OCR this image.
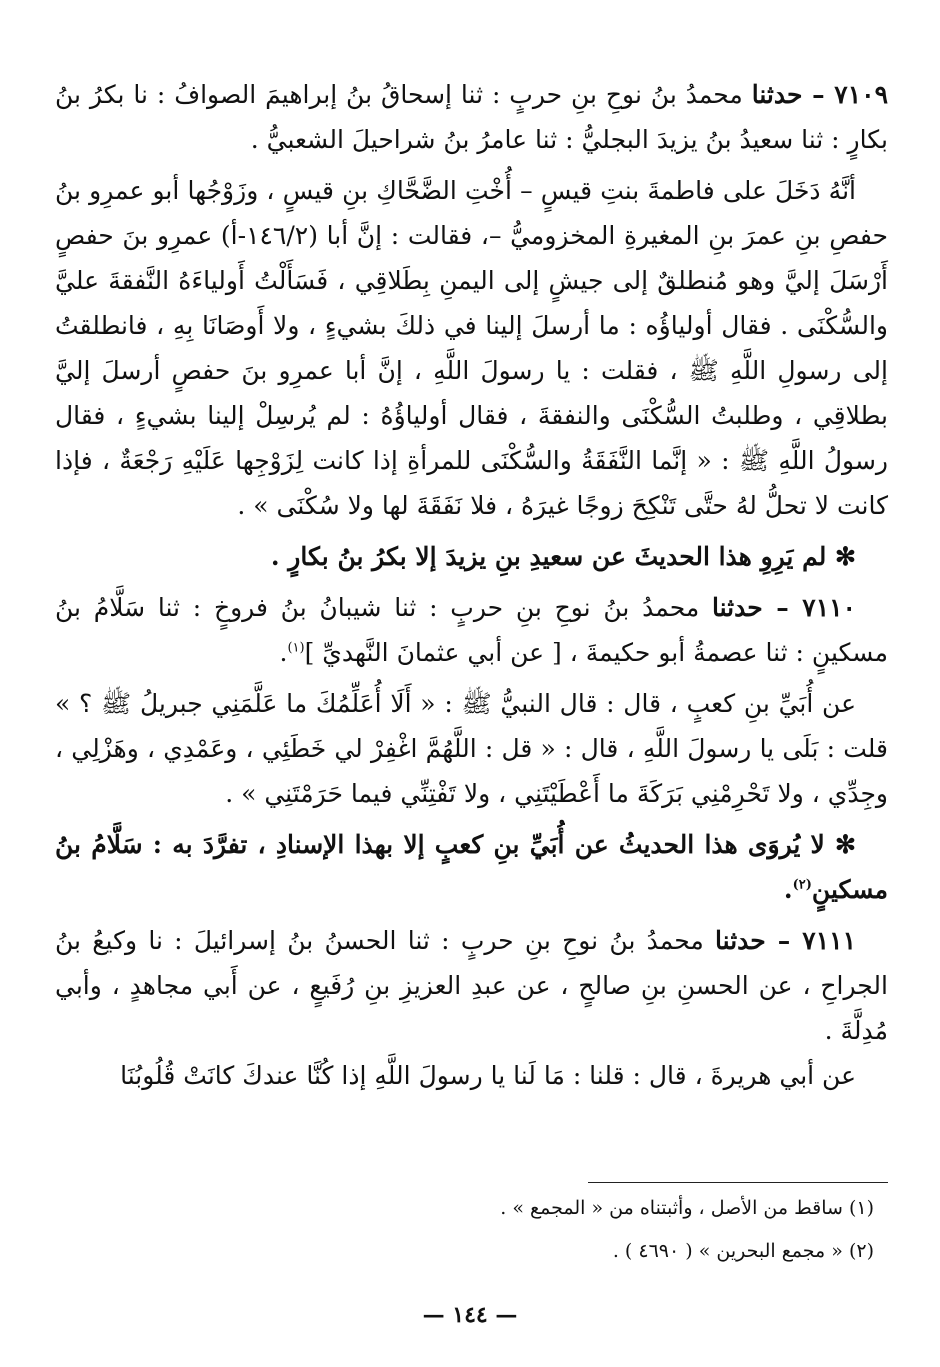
٧١٠٩ – حدثنا محمدُ بنُ نوحِ بنِ حربٍ : ثنا إسحاقُ بنُ إبراهيمَ الصوافُ : نا بكرُ بنُ بكارٍ : ثنا سعيدُ بنُ يزيدَ البجليُّ : ثنا عامرُ بنُ شراحيلَ الشعبيُّ .

أنَّهُ دَخَلَ على فاطمةَ بنتِ قيسٍ – أُخْتِ الضَّحَّاكِ بنِ قيسٍ ، وزَوْجُها أبو عمرِو بنُ حفصِ بنِ عمرَ بنِ المغيرةِ المخزوميُّ –، فقالت : إنَّ أبا (١٤٦/٢-أ) عمرِو بنَ حفصٍ أَرْسَلَ إليَّ وهو مُنطلقٌ إلى جيشٍ إلى اليمنِ بِطَلاقِي ، فَسَأَلْتُ أَولياءَهُ النَّفقةَ عليَّ والسُّكْنَى . فقال أولياؤُه : ما أرسلَ إلينا في ذلكَ بشيءٍ ، ولا أَوصَانَا بِهِ ، فانطلقتُ إلى رسولِ اللَّهِ ﷺ ، فقلت : يا رسولَ اللَّهِ ، إنَّ أبا عمرِو بنَ حفصٍ أرسلَ إليَّ بطلاقِي ، وطلبتُ السُّكْنَى والنفقةَ ، فقال أولياؤُهُ : لم يُرسِلْ إلينا بشيءٍ ، فقال رسولُ اللَّهِ ﷺ : « إنَّما النَّفَقَةُ والسُّكْنَى للمرأةِ إذا كانت لِزَوْجِها عَلَيْهِ رَجْعَةٌ ، فإذا كانت لا تحلُّ لهُ حتَّى تَنْكِحَ زوجًا غيرَهُ ، فلا نَفَقَةَ لها ولا سُكْنَى » .

✻ لم يَرِوِ هذا الحديثَ عن سعيدِ بنِ يزيدَ إلا بكرُ بنُ بكارٍ .

٧١١٠ – حدثنا محمدُ بنُ نوحِ بنِ حربٍ : ثنا شيبانُ بنُ فروخٍ : ثنا سَلَّامُ بنُ مسكينٍ : ثنا عصمةُ أبو حكيمةَ ، [ عن أبي عثمانَ النَّهديِّ ]$^{(١)}$.

عن أُبَيِّ بنِ كعبٍ ، قال : قال النبيُّ ﷺ : « أَلَا أُعَلِّمُكَ ما عَلَّمَنِي جبريلُ ﷺ ؟ » قلت : بَلَى يا رسولَ اللَّهِ ، قال : « قل : اللَّهُمَّ اغْفِرْ لي خَطَئِي ، وعَمْدِي ، وهَزْلِي ، وجِدِّي ، ولا تَحْرِمْنِي بَرَكَةَ ما أَعْطَيْتَنِي ، ولا تَفْتِنِّي فيما حَرَمْتَنِي » .

✻ لا يُروَى هذا الحديثُ عن أُبَيِّ بنِ كعبٍ إلا بهذا الإسنادِ ، تفرَّدَ به : سَلَّامُ بنُ مسكينٍ$^{(٢)}$.

٧١١١ – حدثنا محمدُ بنُ نوحِ بنِ حربٍ : ثنا الحسنُ بنُ إسرائيلَ : نا وكيعُ بنُ الجراحِ ، عن الحسنِ بنِ صالحٍ ، عن عبدِ العزيزِ بنِ رُفَيعٍ ، عن أَبي مجاهدٍ ، وأبي مُدِلَّةَ .

عن أبي هريرةَ ، قال : قلنا : مَا لَنا يا رسولَ اللَّهِ إذا كُنَّا عندكَ كانَتْ قُلُوبُنَا

(١) ساقط من الأصل ، وأثبتناه من « المجمع » .

(٢) « مجمع البحرين » ( ٤٦٩٠ ) .

— ١٤٤ —
